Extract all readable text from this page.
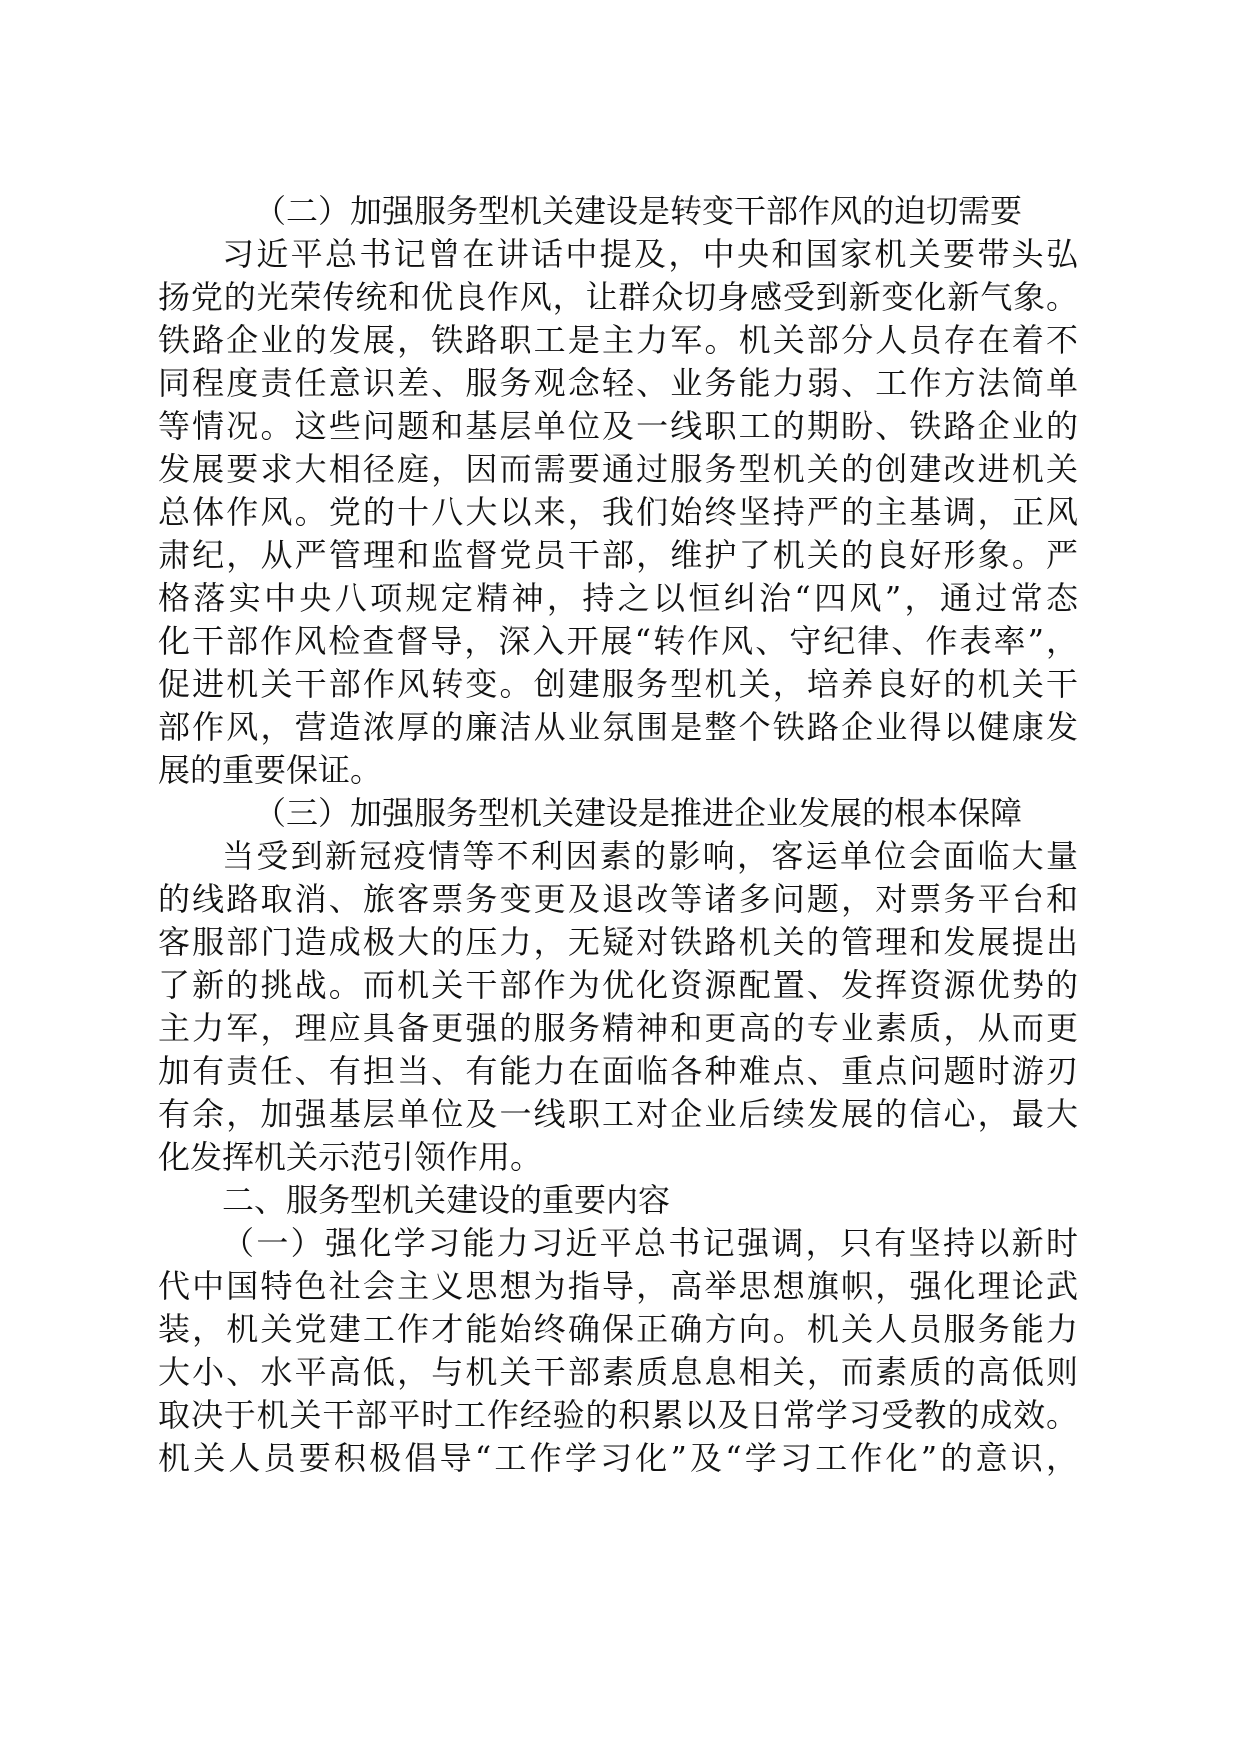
（二）加强服务型机关建设是转变干部作风的迫切需要
习近平总书记曾在讲话中提及，中央和国家机关要带头弘
扬党的光荣传统和优良作风，让群众切身感受到新变化新气象。
铁路企业的发展，铁路职工是主力军。机关部分人员存在着不
同程度责任意识差、服务观念轻、业务能力弱、工作方法简单
等情况。这些问题和基层单位及一线职工的期盼、铁路企业的
发展要求大相径庭，因而需要通过服务型机关的创建改进机关
总体作风。党的十八大以来，我们始终坚持严的主基调，正风
肃纪，从严管理和监督党员干部，维护了机关的良好形象。严
格落实中央八项规定精神，持之以恒纠治“四风”，通过常态
化干部作风检查督导，深入开展“转作风、守纪律、作表率”，
促进机关干部作风转变。创建服务型机关，培养良好的机关干
部作风，营造浓厚的廉洁从业氛围是整个铁路企业得以健康发
展的重要保证。
（三）加强服务型机关建设是推进企业发展的根本保障
当受到新冠疫情等不利因素的影响，客运单位会面临大量
的线路取消、旅客票务变更及退改等诸多问题，对票务平台和
客服部门造成极大的压力，无疑对铁路机关的管理和发展提出
了新的挑战。而机关干部作为优化资源配置、发挥资源优势的
主力军，理应具备更强的服务精神和更高的专业素质，从而更
加有责任、有担当、有能力在面临各种难点、重点问题时游刃
有余，加强基层单位及一线职工对企业后续发展的信心，最大
化发挥机关示范引领作用。
二、服务型机关建设的重要内容
（一）强化学习能力习近平总书记强调，只有坚持以新时
代中国特色社会主义思想为指导，高举思想旗帜，强化理论武
装，机关党建工作才能始终确保正确方向。机关人员服务能力
大小、水平高低，与机关干部素质息息相关，而素质的高低则
取决于机关干部平时工作经验的积累以及日常学习受教的成效。
机关人员要积极倡导“工作学习化”及“学习工作化”的意识，
